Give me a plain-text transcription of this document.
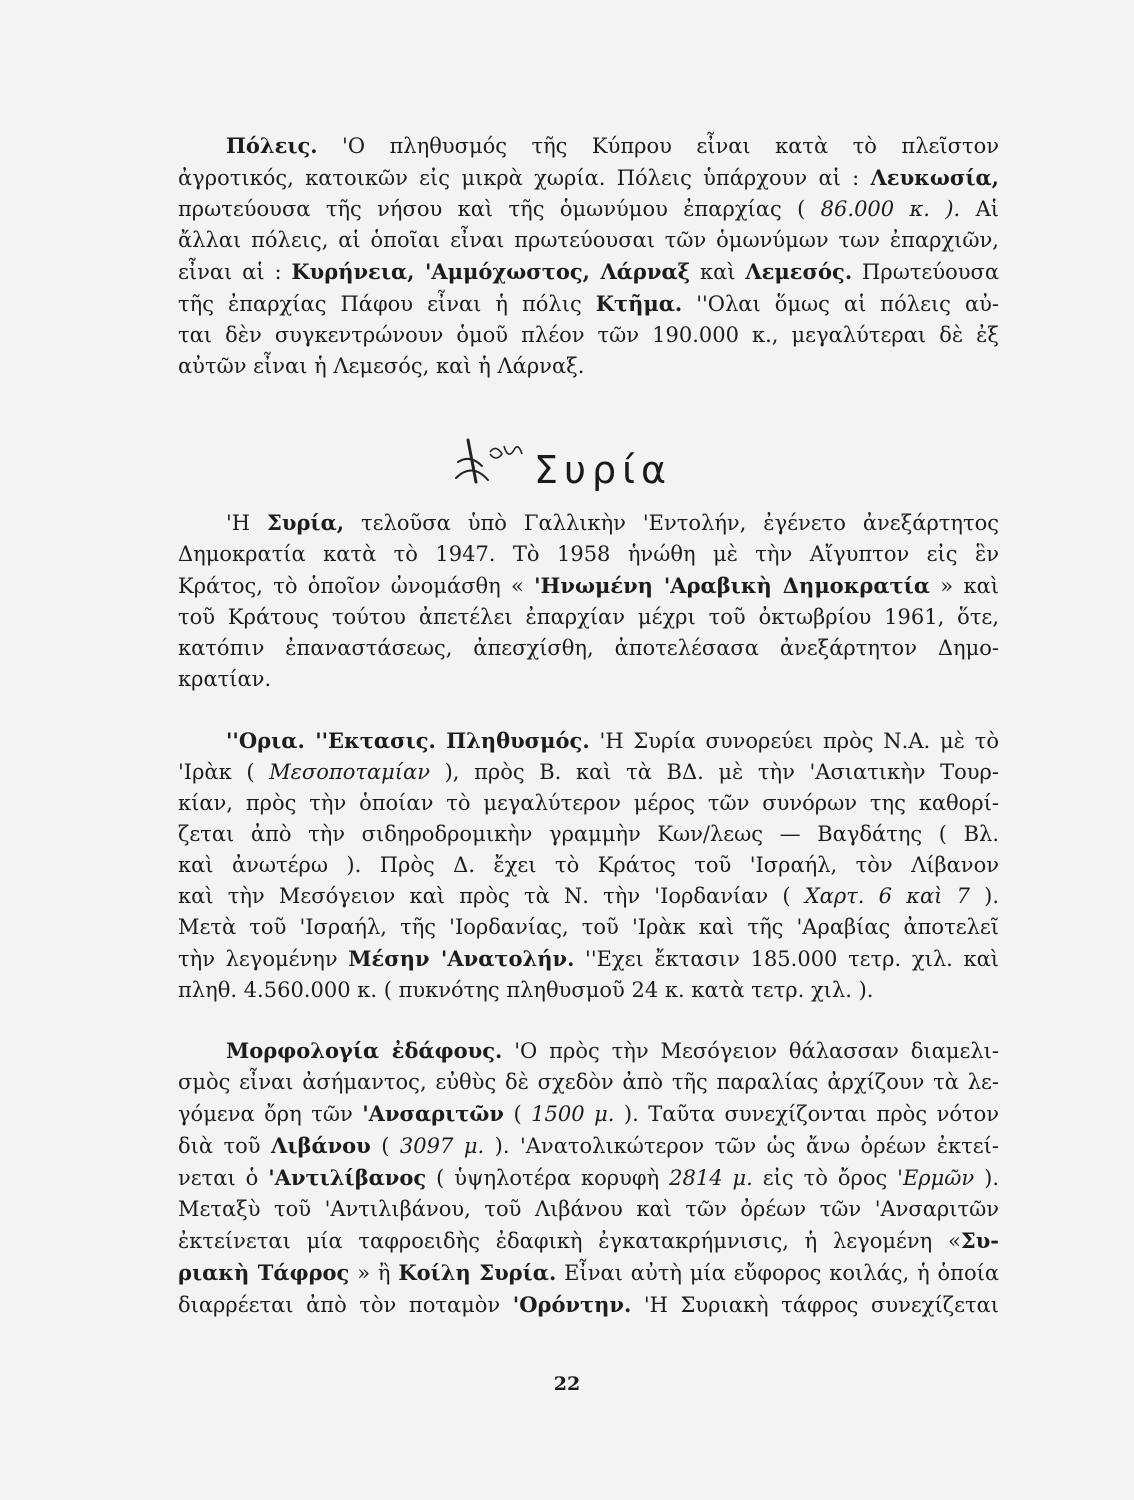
Πόλεις. 'Ο πληθυσμός τῆς Κύπρου εἶναι κατὰ τὸ πλεῖστον
ἀγροτικός, κατοικῶν εἰς μικρὰ χωρία. Πόλεις ὑπάρχουν αἱ : Λευκωσία,
πρωτεύουσα τῆς νήσου καὶ τῆς ὁμωνύμου ἐπαρχίας ( 86.000 κ. ). Αἱ
ἄλλαι πόλεις, αἱ ὁποῖαι εἶναι πρωτεύουσαι τῶν ὁμωνύμων των ἐπαρχιῶν,
εἶναι αἱ : Κυρήνεια, 'Αμμόχωστος, Λάρναξ καὶ Λεμεσός. Πρωτεύουσα
τῆς ἐπαρχίας Πάφου εἶναι ἡ πόλις Κτῆμα. ''Ολαι ὅμως αἱ πόλεις αὐ-
ται δὲν συγκεντρώνουν ὁμοῦ πλέον τῶν 190.000 κ., μεγαλύτεραι δὲ ἐξ
αὐτῶν εἶναι ἡ Λεμεσός, καὶ ἡ Λάρναξ.
Συρία
'Η Συρία, τελοῦσα ὑπὸ Γαλλικὴν 'Εντολήν, ἐγένετο ἀνεξάρτητος
Δημοκρατία κατὰ τὸ 1947. Τὸ 1958 ἡνώθη μὲ τὴν Αἴγυπτον εἰς ἓν
Κράτος, τὸ ὁποῖον ὠνομάσθη « 'Ηνωμένη 'Αραβικὴ Δημοκρατία » καὶ
τοῦ Κράτους τούτου ἀπετέλει ἐπαρχίαν μέχρι τοῦ ὀκτωβρίου 1961, ὅτε,
κατόπιν ἐπαναστάσεως, ἀπεσχίσθη, ἀποτελέσασα ἀνεξάρτητον Δημο-
κρατίαν.
''Ορια. ''Εκτασις. Πληθυσμός. 'Η Συρία συνορεύει πρὸς Ν.Α. μὲ τὸ
'Ιρὰκ ( Μεσοποταμίαν ), πρὸς Β. καὶ τὰ ΒΔ. μὲ τὴν 'Ασιατικὴν Τουρ-
κίαν, πρὸς τὴν ὁποίαν τὸ μεγαλύτερον μέρος τῶν συνόρων της καθορί-
ζεται ἀπὸ τὴν σιδηροδρομικὴν γραμμὴν Κων/λεως — Βαγδάτης ( Βλ.
καὶ ἀνωτέρω ). Πρὸς Δ. ἔχει τὸ Κράτος τοῦ 'Ισραήλ, τὸν Λίβανον
καὶ τὴν Μεσόγειον καὶ πρὸς τὰ Ν. τὴν 'Ιορδανίαν ( Χαρτ. 6 καὶ 7 ).
Μετὰ τοῦ 'Ισραήλ, τῆς 'Ιορδανίας, τοῦ 'Ιρὰκ καὶ τῆς 'Αραβίας ἀποτελεῖ
τὴν λεγομένην Μέσην 'Ανατολήν. ''Εχει ἔκτασιν 185.000 τετρ. χιλ. καὶ
πληθ. 4.560.000 κ. ( πυκνότης πληθυσμοῦ 24 κ. κατὰ τετρ. χιλ. ).
Μορφολογία ἐδάφους. 'Ο πρὸς τὴν Μεσόγειον θάλασσαν διαμελι-
σμὸς εἶναι ἀσήμαντος, εὐθὺς δὲ σχεδὸν ἀπὸ τῆς παραλίας ἀρχίζουν τὰ λε-
γόμενα ὄρη τῶν 'Ανσαριτῶν ( 1500 μ. ). Ταῦτα συνεχίζονται πρὸς νότον
διὰ τοῦ Λιβάνου ( 3097 μ. ). 'Ανατολικώτερον τῶν ὡς ἄνω ὀρέων ἐκτεί-
νεται ὁ 'Αντιλίβανος ( ὑψηλοτέρα κορυφὴ 2814 μ. εἰς τὸ ὄρος 'Ερμῶν ).
Μεταξὺ τοῦ 'Αντιλιβάνου, τοῦ Λιβάνου καὶ τῶν ὀρέων τῶν 'Ανσαριτῶν
ἐκτείνεται μία ταφροειδὴς ἐδαφικὴ ἐγκατακρήμνισις, ἡ λεγομένη «Συ-
ριακὴ Τάφρος » ἢ Κοίλη Συρία. Εἶναι αὐτὴ μία εὔφορος κοιλάς, ἡ ὁποία
διαρρέεται ἀπὸ τὸν ποταμὸν 'Ορόντην. 'Η Συριακὴ τάφρος συνεχίζεται
22
